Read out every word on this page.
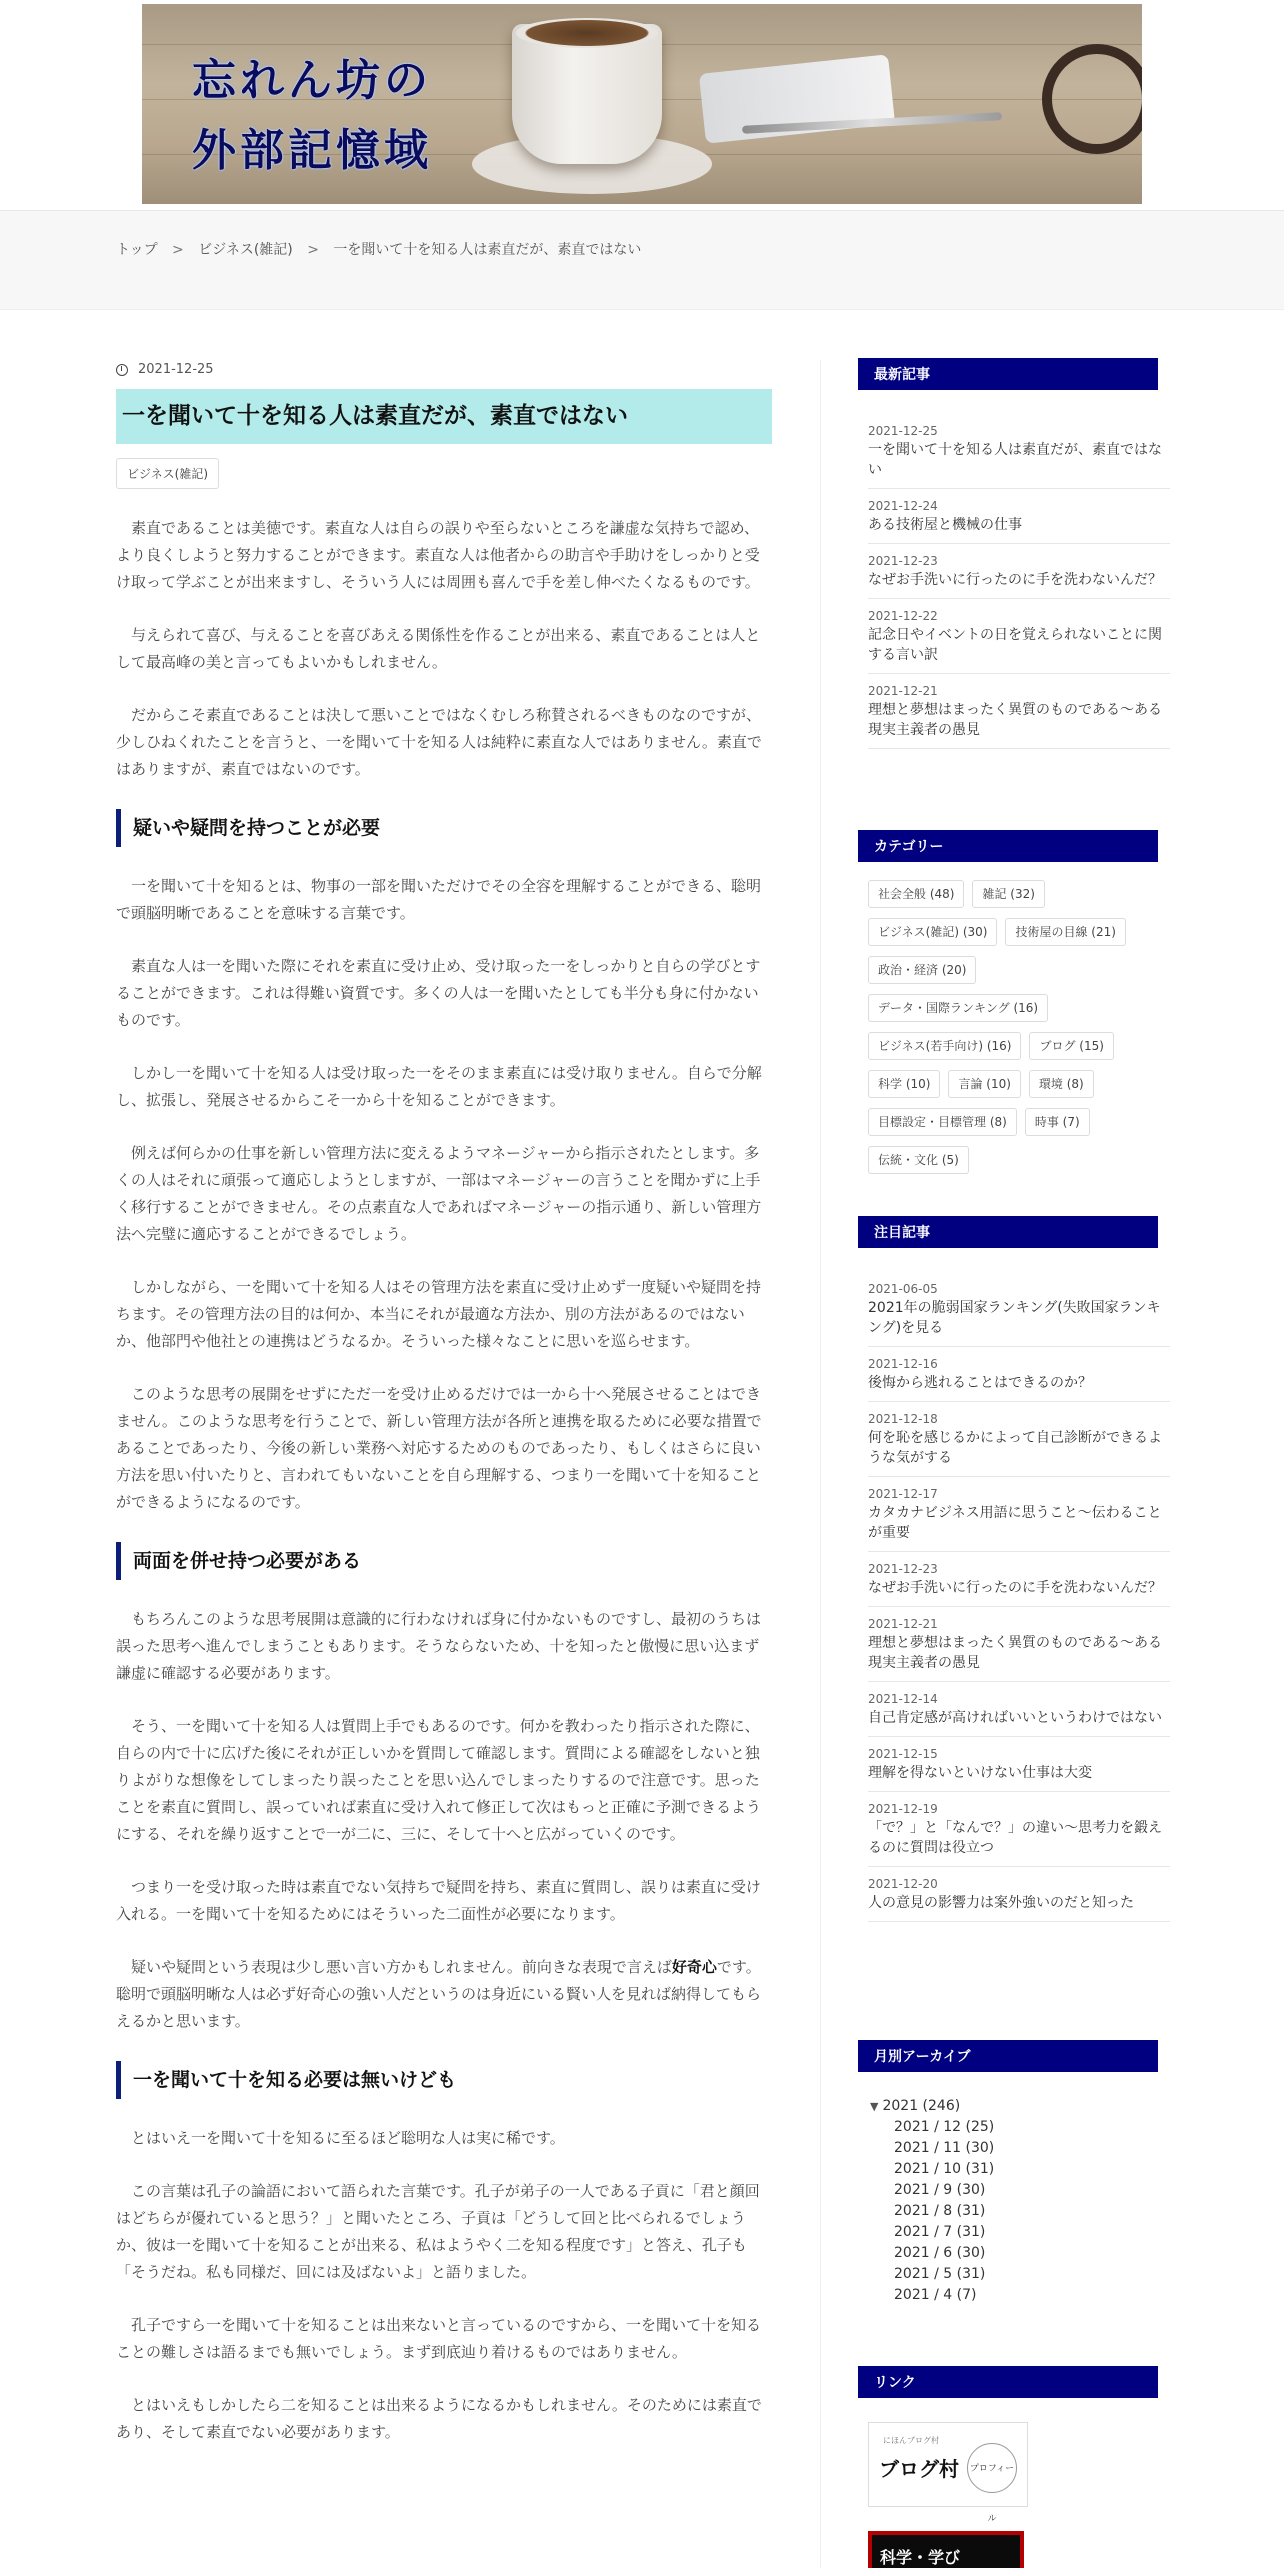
忘れん坊の
外部記憶域
トップ > ビジネス(雑記) > 一を聞いて十を知る人は素直だが、素直ではない
2021-12-25
一を聞いて十を知る人は素直だが、素直ではない
ビジネス(雑記)

素直であることは美徳です。素直な人は自らの誤りや至らないところを謙虚な気持ちで認め、より良くしようと努力することができます。素直な人は他者からの助言や手助けをしっかりと受け取って学ぶことが出来ますし、そういう人には周囲も喜んで手を差し伸べたくなるものです。

与えられて喜び、与えることを喜びあえる関係性を作ることが出来る、素直であることは人として最高峰の美と言ってもよいかもしれません。

だからこそ素直であることは決して悪いことではなくむしろ称賛されるべきものなのですが、少しひねくれたことを言うと、一を聞いて十を知る人は純粋に素直な人ではありません。素直ではありますが、素直ではないのです。

疑いや疑問を持つことが必要

一を聞いて十を知るとは、物事の一部を聞いただけでその全容を理解することができる、聡明で頭脳明晰であることを意味する言葉です。

素直な人は一を聞いた際にそれを素直に受け止め、受け取った一をしっかりと自らの学びとすることができます。これは得難い資質です。多くの人は一を聞いたとしても半分も身に付かないものです。

しかし一を聞いて十を知る人は受け取った一をそのまま素直には受け取りません。自らで分解し、拡張し、発展させるからこそ一から十を知ることができます。

例えば何らかの仕事を新しい管理方法に変えるようマネージャーから指示されたとします。多くの人はそれに頑張って適応しようとしますが、一部はマネージャーの言うことを聞かずに上手く移行することができません。その点素直な人であればマネージャーの指示通り、新しい管理方法へ完璧に適応することができるでしょう。

しかしながら、一を聞いて十を知る人はその管理方法を素直に受け止めず一度疑いや疑問を持ちます。その管理方法の目的は何か、本当にそれが最適な方法か、別の方法があるのではないか、他部門や他社との連携はどうなるか。そういった様々なことに思いを巡らせます。

このような思考の展開をせずにただ一を受け止めるだけでは一から十へ発展させることはできません。このような思考を行うことで、新しい管理方法が各所と連携を取るために必要な措置であることであったり、今後の新しい業務へ対応するためのものであったり、もしくはさらに良い方法を思い付いたりと、言われてもいないことを自ら理解する、つまり一を聞いて十を知ることができるようになるのです。

両面を併せ持つ必要がある

もちろんこのような思考展開は意識的に行わなければ身に付かないものですし、最初のうちは誤った思考へ進んでしまうこともあります。そうならないため、十を知ったと傲慢に思い込まず謙虚に確認する必要があります。

そう、一を聞いて十を知る人は質問上手でもあるのです。何かを教わったり指示された際に、自らの内で十に広げた後にそれが正しいかを質問して確認します。質問による確認をしないと独りよがりな想像をしてしまったり誤ったことを思い込んでしまったりするので注意です。思ったことを素直に質問し、誤っていれば素直に受け入れて修正して次はもっと正確に予測できるようにする、それを繰り返すことで一が二に、三に、そして十へと広がっていくのです。

つまり一を受け取った時は素直でない気持ちで疑問を持ち、素直に質問し、誤りは素直に受け入れる。一を聞いて十を知るためにはそういった二面性が必要になります。

疑いや疑問という表現は少し悪い言い方かもしれません。前向きな表現で言えば好奇心です。聡明で頭脳明晰な人は必ず好奇心の強い人だというのは身近にいる賢い人を見れば納得してもらえるかと思います。

一を聞いて十を知る必要は無いけども

とはいえ一を聞いて十を知るに至るほど聡明な人は実に稀です。

この言葉は孔子の論語において語られた言葉です。孔子が弟子の一人である子貢に「君と顔回はどちらが優れていると思う？」と聞いたところ、子貢は「どうして回と比べられるでしょうか、彼は一を聞いて十を知ることが出来る、私はようやく二を知る程度です」と答え、孔子も「そうだね。私も同様だ、回には及ばないよ」と語りました。

孔子ですら一を聞いて十を知ることは出来ないと言っているのですから、一を聞いて十を知ることの難しさは語るまでも無いでしょう。まず到底辿り着けるものではありません。

とはいえもしかしたら二を知ることは出来るようになるかもしれません。そのためには素直であり、そして素直でない必要があります。

最新記事
2021-12-25
一を聞いて十を知る人は素直だが、素直ではない
2021-12-24
ある技術屋と機械の仕事
2021-12-23
なぜお手洗いに行ったのに手を洗わないんだ？
2021-12-22
記念日やイベントの日を覚えられないことに関する言い訳
2021-12-21
理想と夢想はまったく異質のものである～ある現実主義者の愚見
カテゴリー
社会全般 (48)	雑記 (32)
ビジネス(雑記) (30)	技術屋の目線 (21)
政治・経済 (20)
データ・国際ランキング (16)
ビジネス(若手向け) (16)	ブログ (15)
科学 (10)	言論 (10)	環境 (8)
目標設定・目標管理 (8)	時事 (7)
伝統・文化 (5)
注目記事
2021-06-05
2021年の脆弱国家ランキング(失敗国家ランキング)を見る
2021-12-16
後悔から逃れることはできるのか？
2021-12-18
何を恥を感じるかによって自己診断ができるような気がする
2021-12-17
カタカナビジネス用語に思うこと～伝わることが重要
2021-12-23
なぜお手洗いに行ったのに手を洗わないんだ？
2021-12-21
理想と夢想はまったく異質のものである～ある現実主義者の愚見
2021-12-14
自己肯定感が高ければいいというわけではない
2021-12-15
理解を得ないといけない仕事は大変
2021-12-19
「で？」と「なんで？」の違い～思考力を鍛えるのに質問は役立つ
2021-12-20
人の意見の影響力は案外強いのだと知った
月別アーカイブ
▼ 2021 (246)
2021 / 12 (25)
2021 / 11 (30)
2021 / 10 (31)
2021 / 9 (30)
2021 / 8 (31)
2021 / 7 (31)
2021 / 6 (30)
2021 / 5 (31)
2021 / 4 (7)
リンク
にほんブログ村
ブログ村	プロフィール
科学・学び
